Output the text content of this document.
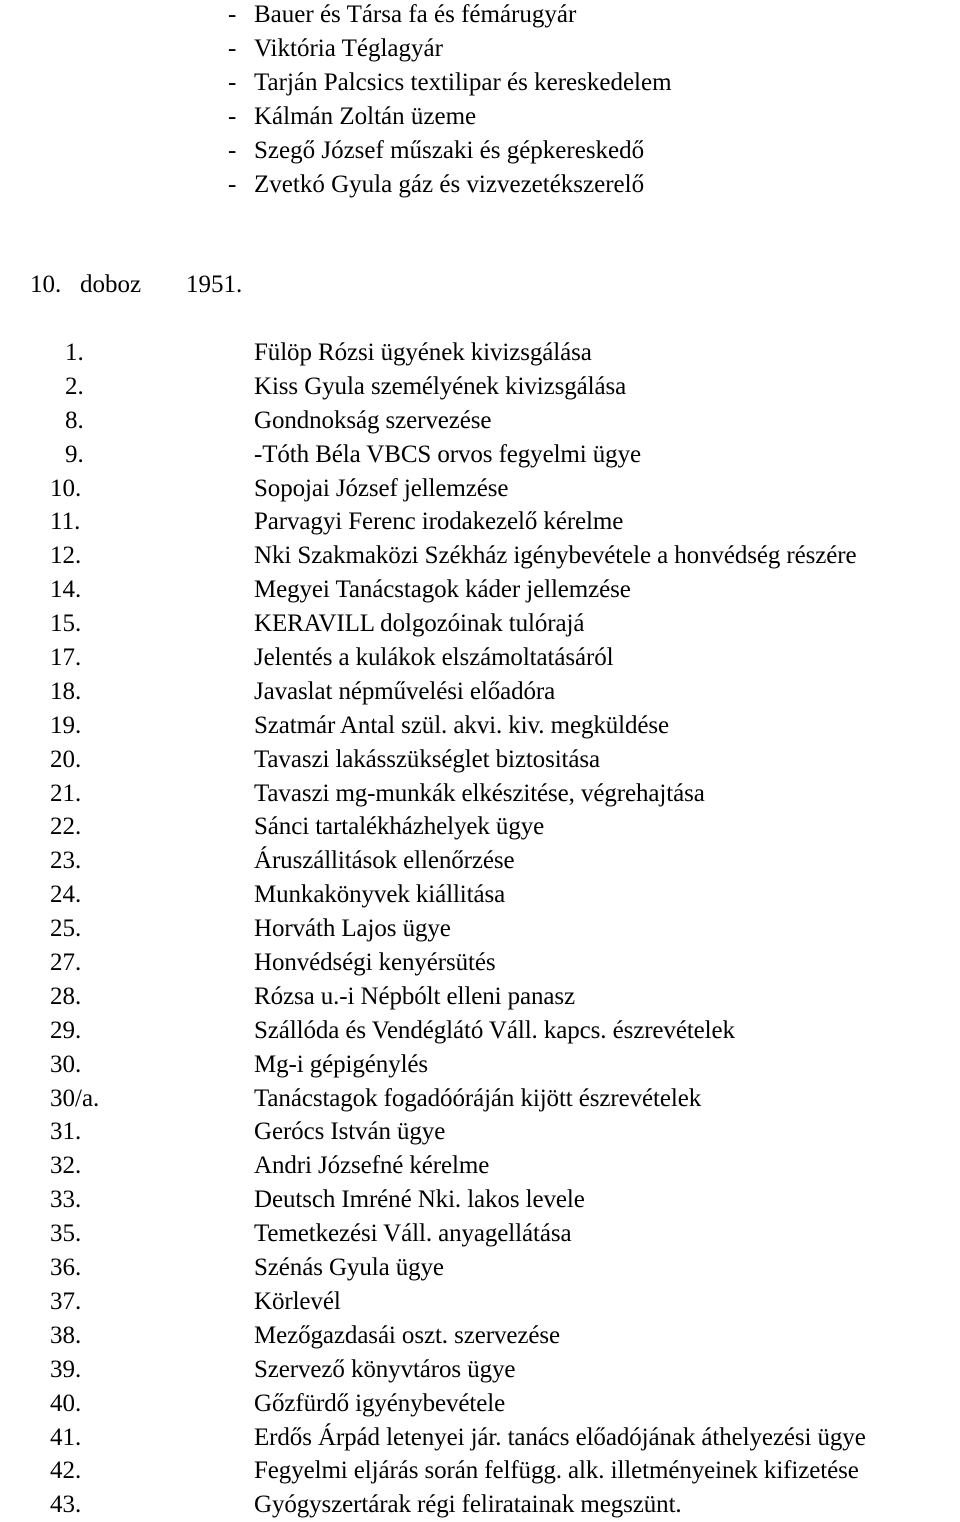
- Bauer és Társa fa és fémárugyár
- Viktória Téglagyár
- Tarján Palcsics textilipar és kereskedelem
- Kálmán Zoltán üzeme
- Szegő József műszaki és gépkereskedő
- Zvetkó Gyula gáz és vizvezetékszerelő
10. doboz 1951.
1.	Fülöp Rózsi ügyének kivizsgálása
2.	Kiss Gyula személyének kivizsgálása
8.	Gondnokság szervezése
9.	-Tóth Béla VBCS orvos fegyelmi ügye
10.	Sopojai József jellemzése
11.	Parvagyi Ferenc irodakezelő kérelme
12.	Nki Szakmaközi Székház igénybevétele a honvédség részére
14.	Megyei Tanácstagok káder jellemzése
15.	KERAVILL dolgozóinak tulórajá
17.	Jelentés a kulákok elszámoltatásáról
18.	Javaslat népművelési előadóra
19.	Szatmár Antal szül. akvi. kiv. megküldése
20.	Tavaszi lakásszükséglet biztositása
21.	Tavaszi mg-munkák elkészitése, végrehajtása
22.	Sánci tartalékházhelyek ügye
23.	Áruszállitások ellenőrzése
24.	Munkakönyvek kiállitása
25.	Horváth Lajos ügye
27.	Honvédségi kenyérsütés
28.	Rózsa u.-i Népbólt elleni panasz
29.	Szállóda és Vendéglátó Váll. kapcs. észrevételek
30.	Mg-i gépigénylés
30/a.	Tanácstagok fogadóóráján kijött észrevételek
31.	Gerócs István ügye
32.	Andri Józsefné kérelme
33.	Deutsch Imréné Nki. lakos levele
35.	Temetkezési Váll. anyagellátása
36.	Szénás Gyula ügye
37.	Körlevél
38.	Mezőgazdasái oszt. szervezése
39.	Szervező könyvtáros ügye
40.	Gőzfürdő igyénybevétele
41.	Erdős Árpád letenyei jár. tanács előadójának áthelyezési ügye
42.	Fegyelmi eljárás során felfügg. alk. illetményeinek kifizetése
43.	Gyógyszertárak régi feliratainak megszünt.
